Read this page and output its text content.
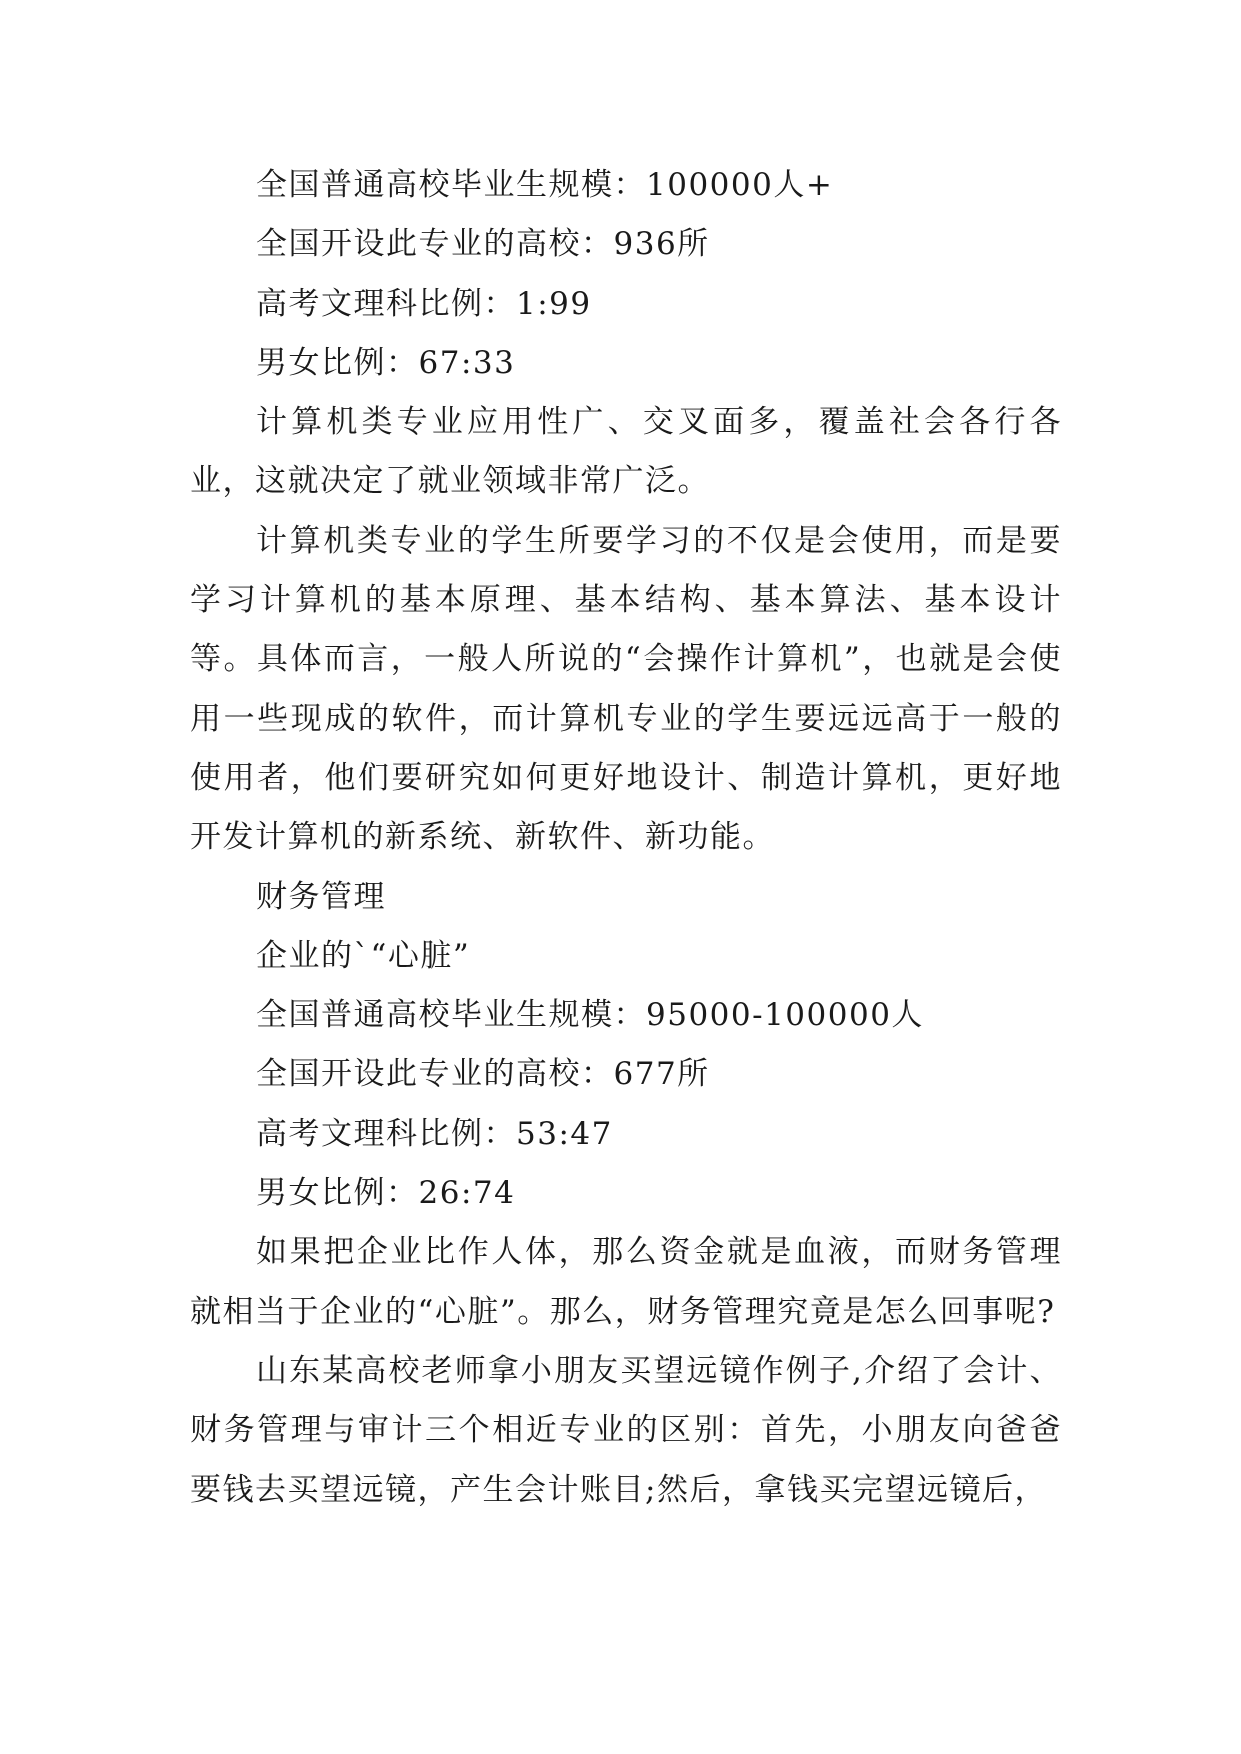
全国普通高校毕业生规模：100000人+

全国开设此专业的高校：936所

高考文理科比例：1:99

男女比例：67:33

计算机类专业应用性广、交叉面多，覆盖社会各行各业，这就决定了就业领域非常广泛。

计算机类专业的学生所要学习的不仅是会使用，而是要学习计算机的基本原理、基本结构、基本算法、基本设计等。具体而言，一般人所说的“会操作计算机”，也就是会使用一些现成的软件，而计算机专业的学生要远远高于一般的使用者，他们要研究如何更好地设计、制造计算机，更好地开发计算机的新系统、新软件、新功能。

财务管理

企业的`“心脏”

全国普通高校毕业生规模：95000-100000人

全国开设此专业的高校：677所

高考文理科比例：53:47

男女比例：26:74

如果把企业比作人体，那么资金就是血液，而财务管理就相当于企业的“心脏”。那么，财务管理究竟是怎么回事呢?

山东某高校老师拿小朋友买望远镜作例子,介绍了会计、财务管理与审计三个相近专业的区别：首先，小朋友向爸爸要钱去买望远镜，产生会计账目;然后，拿钱买完望远镜后，
